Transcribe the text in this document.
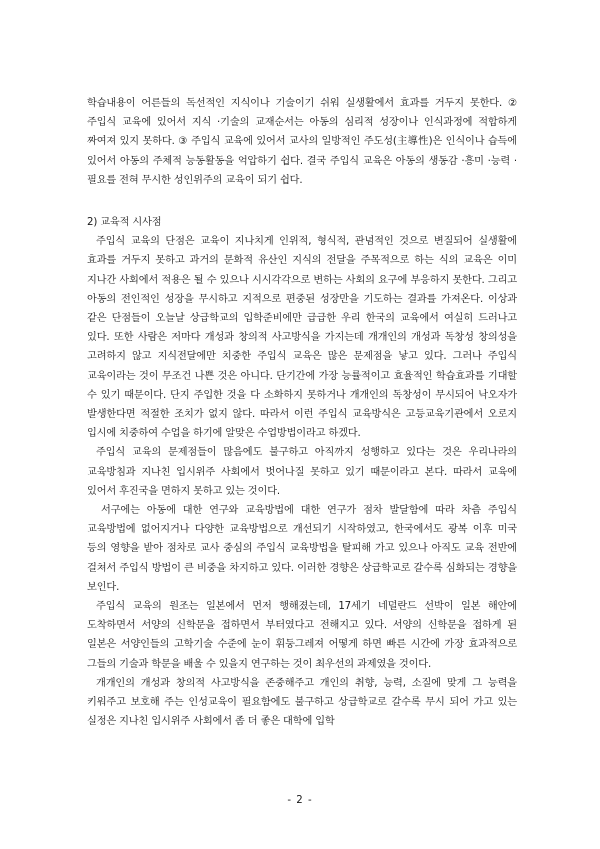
학습내용이 어른들의 독선적인 지식이나 기술이기 쉬워 실생활에서 효과를 거두지 못한다. ② 주입식 교육에 있어서 지식 ·기술의 교재순서는 아동의 심리적 성장이나 인식과정에 적합하게 짜여져 있지 못하다. ③ 주입식 교육에 있어서 교사의 일방적인 주도성(主導性)은 인식이나 습득에 있어서 아동의 주체적 능동활동을 억압하기 쉽다. 결국 주입식 교육은 아동의 생동감 ·흥미 ·능력 ·필요를 전혀 무시한 성인위주의 교육이 되기 쉽다.

2) 교육적 시사점

주입식 교육의 단점은 교육이 지나치게 인위적, 형식적, 관념적인 것으로 변질되어 실생활에 효과를 거두지 못하고 과거의 문화적 유산인 지식의 전달을 주목적으로 하는 식의 교육은 이미 지나간 사회에서 적용은 될 수 있으나 시시각각으로 변하는 사회의 요구에 부응하지 못한다. 그리고 아동의 전인적인 성장을 무시하고 지적으로 편중된 성장만을 기도하는 결과를 가져온다. 이상과 같은 단점들이 오늘날 상급학교의 입학준비에만 급급한 우리 한국의 교육에서 여실히 드러나고 있다. 또한 사람은 저마다 개성과 창의적 사고방식을 가지는데 개개인의 개성과 독창성 창의성을 고려하지 않고 지식전달에만 치중한 주입식 교육은 많은 문제점을 낳고 있다. 그러나 주입식 교육이라는 것이 무조건 나쁜 것은 아니다. 단기간에 가장 능률적이고 효율적인 학습효과를 기대할 수 있기 때문이다. 단지 주입한 것을 다 소화하지 못하거나 개개인의 독창성이 무시되어 낙오자가 발생한다면 적절한 조치가 없지 않다. 따라서 이런 주입식 교육방식은 고등교육기관에서 오로지 입시에 치중하여 수업을 하기에 알맞은 수업방법이라고 하겠다.

주입식 교육의 문제점들이 많음에도 불구하고 아직까지 성행하고 있다는 것은 우리나라의 교육방침과 지나친 입시위주 사회에서 벗어나질 못하고 있기 때문이라고 본다. 따라서 교육에 있어서 후진국을 면하지 못하고 있는 것이다.

서구에는 아동에 대한 연구와 교육방법에 대한 연구가 점차 발달함에 따라 차츰 주입식 교육방법에 없어지거나 다양한 교육방법으로 개선되기 시작하였고, 한국에서도 광복 이후 미국 등의 영향을 받아 점차로 교사 중심의 주입식 교육방법을 탈피해 가고 있으나 아직도 교육 전반에 걸쳐서 주입식 방법이 큰 비중을 차지하고 있다. 이러한 경향은 상급학교로 갈수록 심화되는 경향을 보인다.

주입식 교육의 원조는 일본에서 먼저 행해졌는데, 17세기 네덜란드 선박이 일본 해안에 도착하면서 서양의 신학문을 접하면서 부터였다고 전해지고 있다. 서양의 신학문을 접하게 된 일본은 서양인들의 고학기술 수준에 눈이 휘둥그레져 어떻게 하면 빠른 시간에 가장 효과적으로 그들의 기술과 학문을 배울 수 있을지 연구하는 것이 최우선의 과제였을 것이다.

개개인의 개성과 창의적 사고방식을 존중해주고 개인의 취향, 능력, 소질에 맞게 그 능력을 키워주고 보호해 주는 인성교육이 필요함에도 불구하고 상급학교로 갈수록 무시 되어 가고 있는 실정은 지나친 입시위주 사회에서 좀 더 좋은 대학에 입학

- 2 -
